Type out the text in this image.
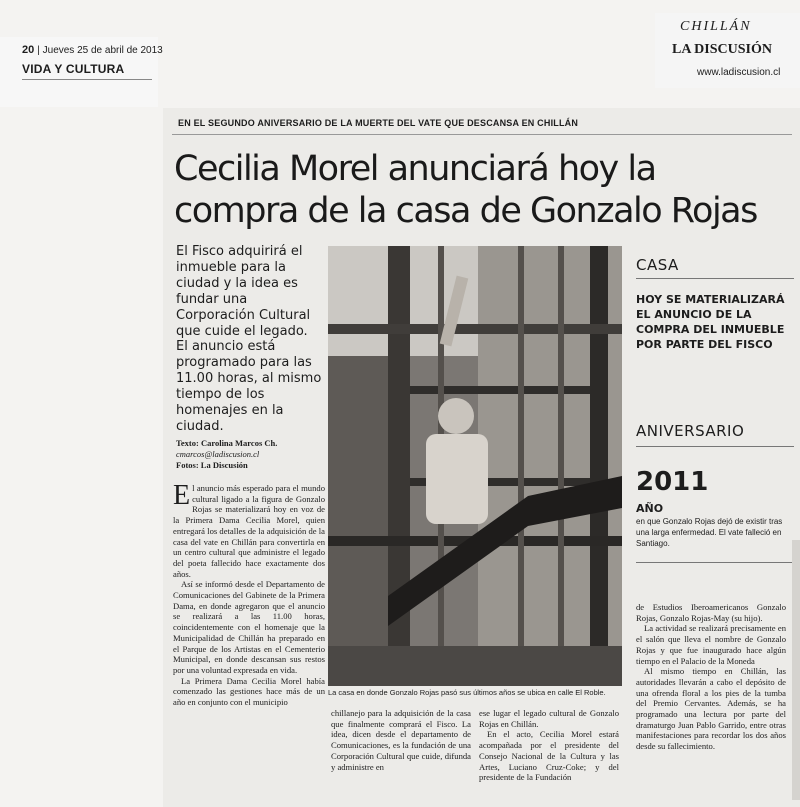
20 | Jueves 25 de abril de 2013
VIDA Y CULTURA
CHILLÁN
LA DISCUSIÓN
www.ladiscusion.cl
EN EL SEGUNDO ANIVERSARIO DE LA MUERTE DEL VATE QUE DESCANSA EN CHILLÁN
Cecilia Morel anunciará hoy la
compra de la casa de Gonzalo Rojas
El Fisco adquirirá el inmueble para la ciudad y la idea es fundar una Corporación Cultural que cuide el legado.
El anuncio está programado para las 11.00 horas, al mismo tiempo de los homenajes en la ciudad.
Texto: Carolina Marcos Ch.
cmarcos@ladiscusion.cl
Fotos: La Discusión

El anuncio más esperado para el mundo cultural ligado a la figura de Gonzalo Rojas se materializará hoy en voz de la Primera Dama Cecilia Morel, quien entregará los detalles de la adquisición de la casa del vate en Chillán para convertirla en un centro cultural que administre el legado del poeta fallecido hace exactamente dos años.

Así se informó desde el Departamento de Comunicaciones del Gabinete de la Primera Dama, en donde agregaron que el anuncio se realizará a las 11.00 horas, coincidentemente con el homenaje que la Municipalidad de Chillán ha preparado en el Parque de los Artistas en el Cementerio Municipal, en donde descansan sus restos por una voluntad expresada en vida.

La Primera Dama Cecilia Morel había comenzado las gestiones hace más de un año en conjunto con el municipio

chillanejo para la adquisición de la casa que finalmente comprará el Fisco. La idea, dicen desde el departamento de Comunicaciones, es la fundación de una Corporación Cultural que cuide, difunda y administre en

ese lugar el legado cultural de Gonzalo Rojas en Chillán.

En el acto, Cecilia Morel estará acompañada por el presidente del Consejo Nacional de la Cultura y las Artes, Luciano Cruz-Coke; y del presidente de la Fundación

de Estudios Iberoamericanos Gonzalo Rojas, Gonzalo Rojas-May (su hijo).

La actividad se realizará precisamente en el salón que lleva el nombre de Gonzalo Rojas y que fue inaugurado hace algún tiempo en el Palacio de la Moneda

Al mismo tiempo en Chillán, las autoridades llevarán a cabo el depósito de una ofrenda floral a los pies de la tumba del Premio Cervantes. Además, se ha programado una lectura por parte del dramaturgo Juan Pablo Garrido, entre otras manifestaciones para recordar los dos años desde su fallecimiento.

La casa en donde Gonzalo Rojas pasó sus últimos años se ubica en calle El Roble.
CASA
HOY SE MATERIALIZARÁ EL ANUNCIO DE LA COMPRA DEL INMUEBLE POR PARTE DEL FISCO
ANIVERSARIO
2011
AÑO
en que Gonzalo Rojas dejó de existir tras una larga enfermedad. El vate falleció en Santiago.
